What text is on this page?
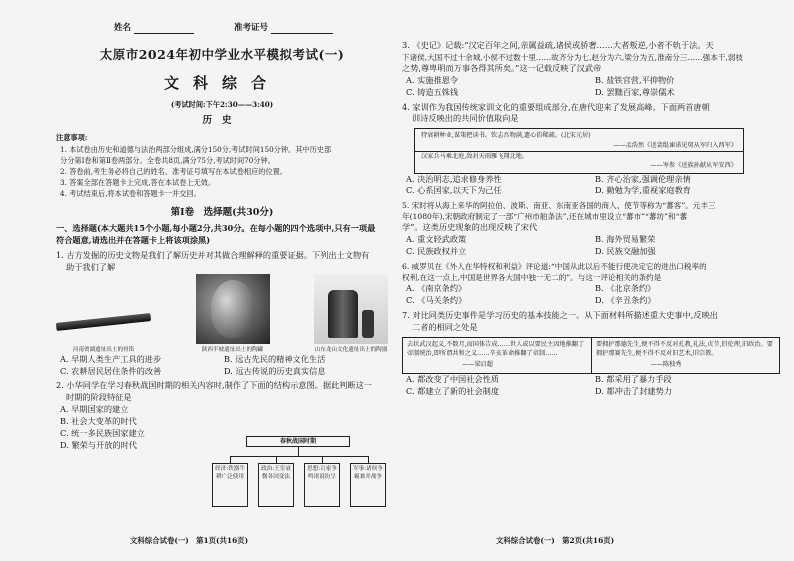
姓名	准考证号
太原市2024年初中学业水平模拟考试(一)
文科综合
(考试时间:下午2:30——3:40)
历史
注意事项:

1. 本试卷由历史和道德与法治两部分组成,满分150分,考试时间150分钟。其中历史部

分分第Ⅰ卷和第Ⅱ卷两部分。全卷共8页,满分75分,考试时间70分钟。

2. 答卷前,考生务必将自己的姓名、准考证号填写在本试卷相应的位置。

3. 答案全部在答题卡上完成,答在本试卷上无效。

4. 考试结束后,将本试卷和答题卡一并交回。

第Ⅰ卷　选择题(共30分)
一、选择题(本大题共15个小题,每小题2分,共30分。在每小题的四个选项中,只有一项最
符合题意,请选出并在答题卡上将该项涂黑)
1. 古方发掘的历史文物是我们了解历史并对其做合理解释的重要证据。下列出土文物有
助于我们了解
河南贾湖遗址出土的骨笛	陕西半坡遗址出土的陶罐	山东龙山文化遗址出土的陶器
A. 早期人类生产工具的进步	B. 远古先民的精神文化生活
C. 农耕居民居住条件的改善	D. 远古传说的历史真实信息
2. 小华同学在学习春秋战国时期的相关内容时,制作了下面的结构示意图。据此判断这一
时期的阶段特征是
A. 早期国家的建立
B. 社会大变革的时代
C. 统一多民族国家建立
D. 繁荣与开放的时代
文科综合试卷(一)　第1页(共16页)
春秋战国时期
经济:铁器牛耕广泛使用
政治:王室衰微各国变法
思想:百家争鸣诸说纷呈
军事:诸侯争霸兼并战争
3. 《史记》记载:“汉定百年之间,亲属益疏,诸侯或骄奢……大者叛逆,小者不轨于法。天
下诸侯,大国不过十余城,小侯不过数十里……故齐分为七,赵分为六,梁分为五,淮南分三……强本干,弱枝
之势,尊卑明而万事各得其所矣。”这一记载反映了汉武帝
A. 实施推恩令	B. 盐铁官营,平抑物价
C. 铸造五铢钱	D. 罢黜百家,尊崇儒术
4. 家训作为我国传统家训文化的重要组成部分,在唐代迎来了发展高峰。下面两首唐朝
训诗反映出的共同价值取向是
特衰耕种业,谋策把读书。钦志吾物满,遗心俗稀疏。(北宋元居)
——孟浩然《送裴绲谏诺见舅从军归入西军》
汉家兵马乘北庭,敌封天雨雁飞翔北地。
——岑参《送族孙献从军安西》
A. 决治明志,追求修身养性	B. 齐心治家,强调伦理亲情
C. 心系国家,以天下为己任	D. 勤勉为学,重视家庭教育
5. 宋时将从海上来华的阿拉伯、波斯、南亚、东南亚各国的商人、使节等称为“蕃客”。元丰三
年(1080年),宋朝政府制定了一部“广州市舶条法”,还在城市里设立“蕃市”“蕃坊”和“蕃
学”。这类历史现象的出现反映了宋代
A. 重文轻武政策	B. 海外贸易繁荣
C. 民族政权并立	D. 民族交融加强
6. 威罗贝在《外人在华特权和利益》评论道:“中国从此以后不能行使决定它的进出口税率的
权利,在这一点上,中国是世界各大国中独一无二的”。与这一评论相关的条约是
A. 《南京条约》	B. 《北京条约》
C. 《马关条约》	D. 《辛丑条约》
7. 对比同类历史事件是学习历史的基本技能之一。从下面材料所描述重大史事中,反映出
二者的相同之处是
去状武汉起义,不数月,而国体告成……世人或以要民主因地推翻了帝制统治,即所谓共和之义……辛亥革命推翻了帝制……
——梁启超
要拥护那德先生,便不得不反对孔教,礼法,贞节,旧伦理,旧政治。要拥护那赛先生,便不得不反对旧艺术,旧宗教。
——陈独秀
A. 都改变了中国社会性质	B. 都采用了暴力手段
C. 都建立了新的社会制度	D. 都冲击了封建势力
文科综合试卷(一)　第2页(共16页)
